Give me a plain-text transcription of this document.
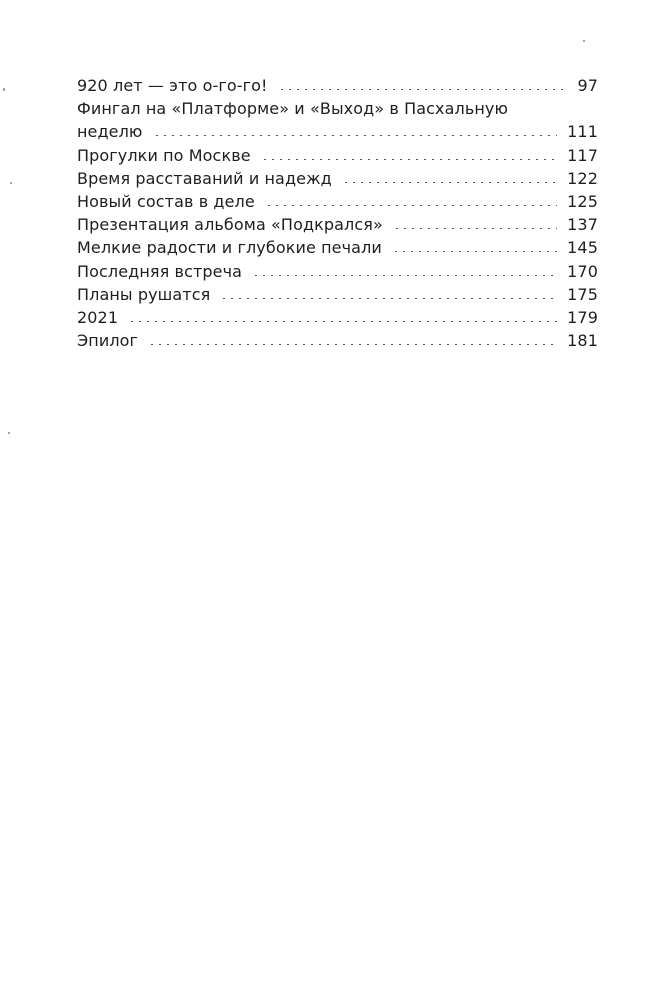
920 лет — это о-го-го!	97
Фингал на «Платформе» и «Выход» в Пасхальную
неделю	111
Прогулки по Москве	117
Время расставаний и надежд	122
Новый состав в деле	125
Презентация альбома «Подкрался»	137
Мелкие радости и глубокие печали	145
Последняя встреча	170
Планы рушатся	175
2021	179
Эпилог	181
